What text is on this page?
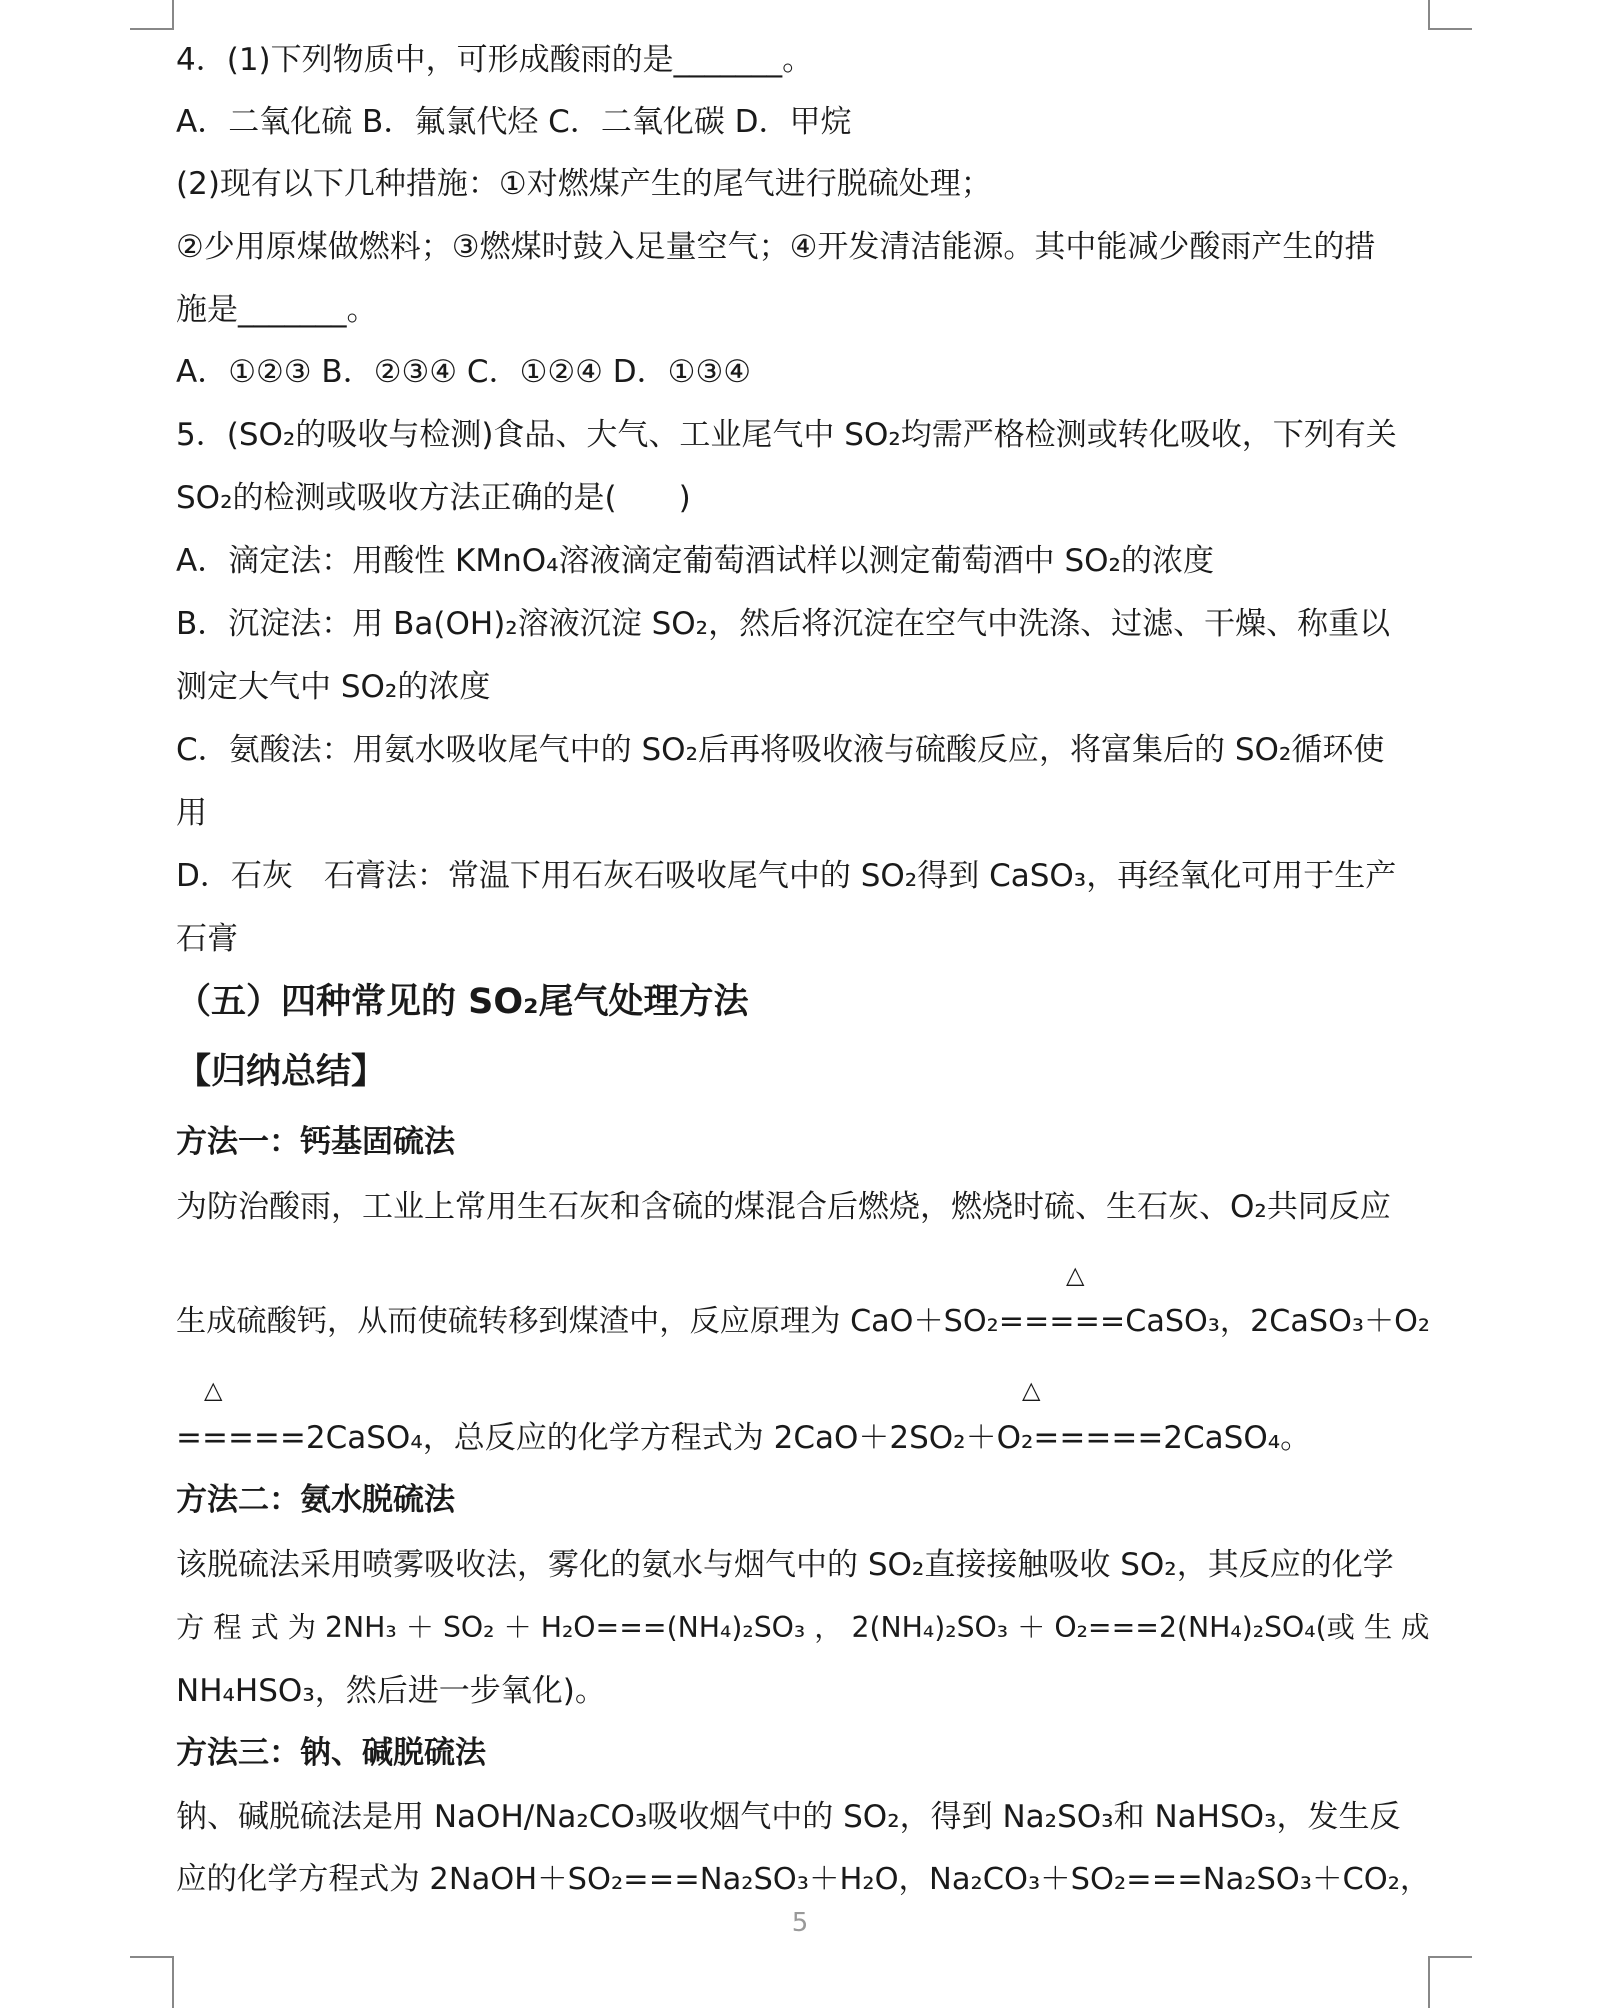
4．(1)下列物质中，可形成酸雨的是_______。
A．二氧化硫 B．氟氯代烃 C．二氧化碳 D．甲烷
(2)现有以下几种措施：①对燃煤产生的尾气进行脱硫处理；
②少用原煤做燃料；③燃煤时鼓入足量空气；④开发清洁能源。其中能减少酸雨产生的措
施是_______。
A．①②③ B．②③④ C．①②④ D．①③④
5．(SO₂的吸收与检测)食品、大气、工业尾气中 SO₂均需严格检测或转化吸收，下列有关
SO₂的检测或吸收方法正确的是(　　)
A．滴定法：用酸性 KMnO₄溶液滴定葡萄酒试样以测定葡萄酒中 SO₂的浓度
B．沉淀法：用 Ba(OH)₂溶液沉淀 SO₂，然后将沉淀在空气中洗涤、过滤、干燥、称重以
测定大气中 SO₂的浓度
C．氨酸法：用氨水吸收尾气中的 SO₂后再将吸收液与硫酸反应，将富集后的 SO₂循环使
用
D．石灰　石膏法：常温下用石灰石吸收尾气中的 SO₂得到 CaSO₃，再经氧化可用于生产
石膏
（五）四种常见的 SO₂尾气处理方法
【归纳总结】
方法一：钙基固硫法
为防治酸雨，工业上常用生石灰和含硫的煤混合后燃烧，燃烧时硫、生石灰、O₂共同反应
△
生成硫酸钙，从而使硫转移到煤渣中，反应原理为 CaO＋SO₂=====CaSO₃，2CaSO₃＋O₂
△	△
=====2CaSO₄，总反应的化学方程式为 2CaO＋2SO₂＋O₂=====2CaSO₄。
方法二：氨水脱硫法
该脱硫法采用喷雾吸收法，雾化的氨水与烟气中的 SO₂直接接触吸收 SO₂，其反应的化学
方 程 式 为 2NH₃ ＋ SO₂ ＋ H₂O===(NH₄)₂SO₃ ， 2(NH₄)₂SO₃ ＋ O₂===2(NH₄)₂SO₄(或 生 成
NH₄HSO₃，然后进一步氧化)。
方法三：钠、碱脱硫法
钠、碱脱硫法是用 NaOH/Na₂CO₃吸收烟气中的 SO₂，得到 Na₂SO₃和 NaHSO₃，发生反
应的化学方程式为 2NaOH＋SO₂===Na₂SO₃＋H₂O，Na₂CO₃＋SO₂===Na₂SO₃＋CO₂，
5
